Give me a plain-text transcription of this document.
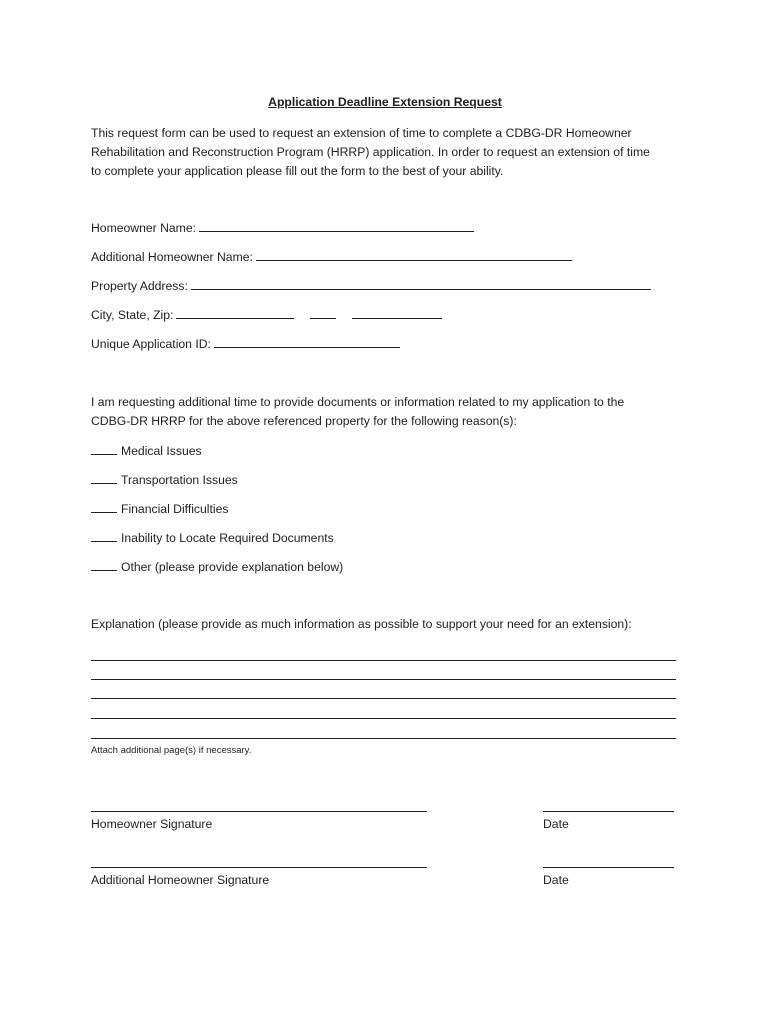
Application Deadline Extension Request
This request form can be used to request an extension of time to complete a CDBG-DR Homeowner
Rehabilitation and Reconstruction Program (HRRP) application. In order to request an extension of time
to complete your application please fill out the form to the best of your ability.
Homeowner Name:
Additional Homeowner Name:
Property Address:
City, State, Zip:
Unique Application ID:
I am requesting additional time to provide documents or information related to my application to the
CDBG-DR HRRP for the above referenced property for the following reason(s):
Medical Issues
Transportation Issues
Financial Difficulties
Inability to Locate Required Documents
Other (please provide explanation below)
Explanation (please provide as much information as possible to support your need for an extension):
Attach additional page(s) if necessary.
Homeowner Signature	Date
Additional Homeowner Signature	Date
